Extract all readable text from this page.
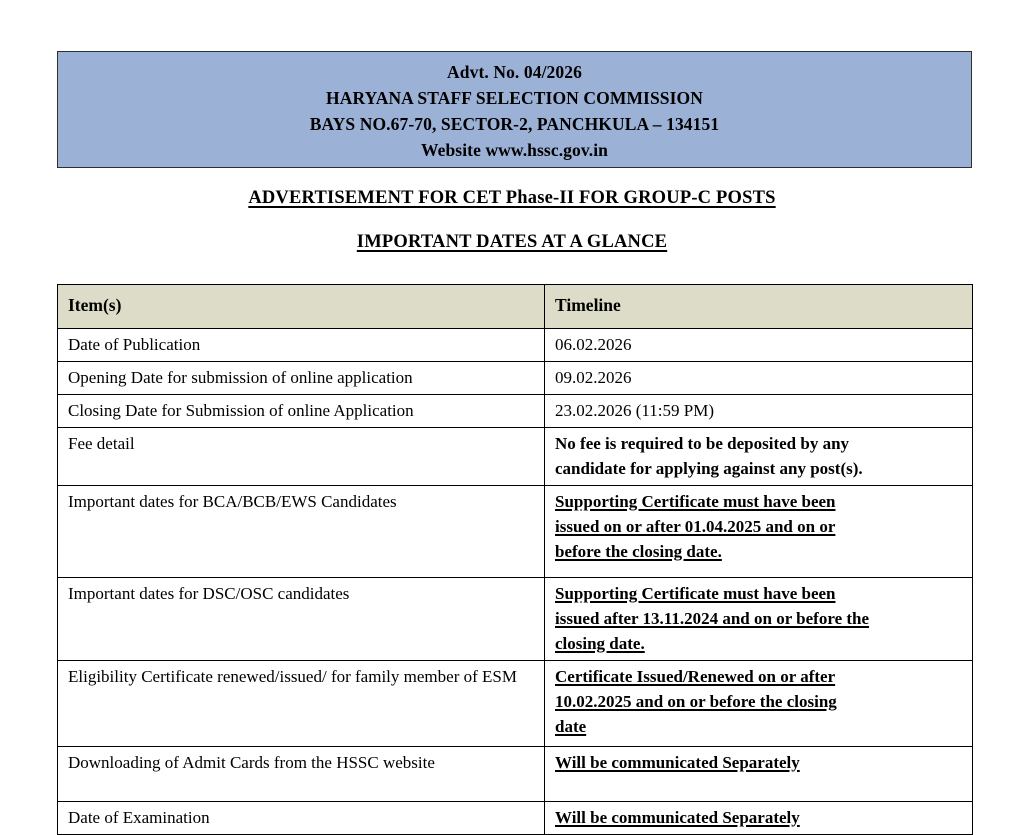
Advt. No. 04/2026
HARYANA STAFF SELECTION COMMISSION
BAYS NO.67-70, SECTOR-2, PANCHKULA – 134151
Website www.hssc.gov.in
ADVERTISEMENT FOR CET Phase-II FOR GROUP-C POSTS
IMPORTANT DATES AT A GLANCE
Item(s)	Timeline
Date of Publication	06.02.2026
Opening Date for submission of online application	09.02.2026
Closing Date for Submission of online Application	23.02.2026 (11:59 PM)
Fee detail	No fee is required to be deposited by any
candidate for applying against any post(s).

Important dates for BCA/BCB/EWS Candidates	Supporting Certificate must have been
issued on or after 01.04.2025 and on or
before the closing date.

Important dates for DSC/OSC candidates	Supporting Certificate must have been
issued after 13.11.2024 and on or before the
closing date.

Eligibility Certificate renewed/issued/ for family member of ESM	Certificate Issued/Renewed on or after
10.02.2025 and on or before the closing
date

Downloading of Admit Cards from the HSSC website	Will be communicated Separately

Date of Examination	Will be communicated Separately
